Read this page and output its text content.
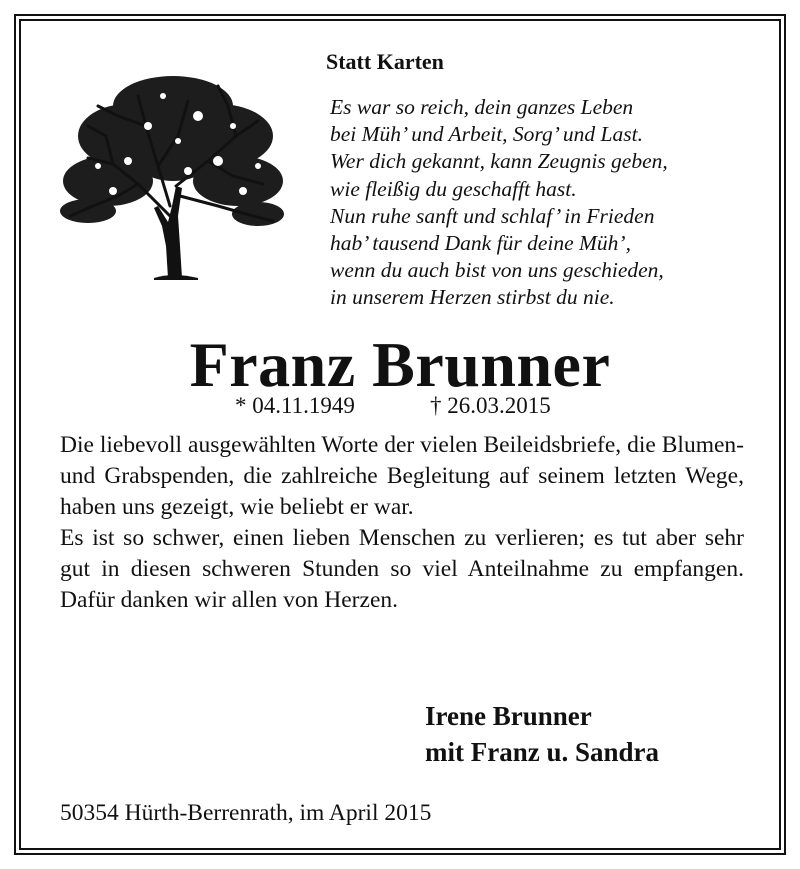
Statt Karten
Es war so reich, dein ganzes Leben
bei Müh’ und Arbeit, Sorg’ und Last.
Wer dich gekannt, kann Zeugnis geben,
wie fleißig du geschafft hast.
Nun ruhe sanft und schlaf’ in Frieden
hab’ tausend Dank für deine Müh’,
wenn du auch bist von uns geschieden,
in unserem Herzen stirbst du nie.
Franz Brunner
* 04.11.1949	† 26.03.2015

Die liebevoll ausgewählten Worte der vielen Beileidsbriefe, die Blumen- und Grabspenden, die zahlreiche Begleitung auf seinem letzten Wege, haben uns gezeigt, wie beliebt er war.

Es ist so schwer, einen lieben Menschen zu verlieren; es tut aber sehr gut in diesen schweren Stunden so viel Anteilnahme zu empfangen. Dafür danken wir allen von Herzen.

Irene Brunner
mit Franz u. Sandra
50354 Hürth-Berrenrath, im April 2015
